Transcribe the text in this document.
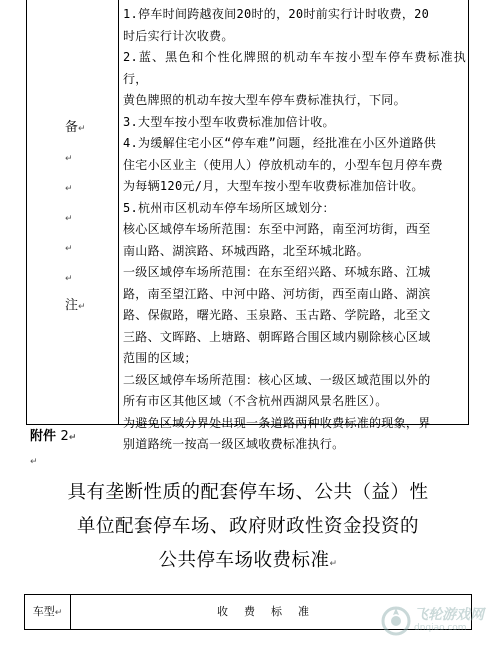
备↵
↵
↵
↵
↵
↵
注↵

1.停车时间跨越夜间20时的，20时前实行计时收费，20

时后实行计次收费。

2.蓝、黑色和个性化牌照的机动车车按小型车停车费标准执行，

黄色牌照的机动车按大型车停车费标准执行，下同。

3.大型车按小型车收费标准加倍计收。

4.为缓解住宅小区“停车难”问题，经批准在小区外道路供

住宅小区业主（使用人）停放机动车的，小型车包月停车费

为每辆120元/月，大型车按小型车收费标准加倍计收。

5.杭州市区机动车停车场所区域划分：

核心区域停车场所范围：东至中河路，南至河坊街，西至

南山路、湖滨路、环城西路，北至环城北路。

一级区域停车场所范围：在东至绍兴路、环城东路、江城

路，南至望江路、中河中路、河坊街，西至南山路、湖滨

路、保俶路，曙光路、玉泉路、玉古路、学院路，北至文

三路、文晖路、上塘路、朝晖路合围区域内剔除核心区域

范围的区域；

二级区域停车场所范围：核心区域、一级区域范围以外的

所有市区其他区域（不含杭州西湖风景名胜区）。

为避免区域分界处出现一条道路两种收费标准的现象，界

别道路统一按高一级区域收费标准执行。

附件 2↵
↵
具有垄断性质的配套停车场、公共（益）性
单位配套停车场、政府财政性资金投资的
公共停车场收费标准↵
车型↵	收费标准	飞轮游戏网
dnqiao.com
